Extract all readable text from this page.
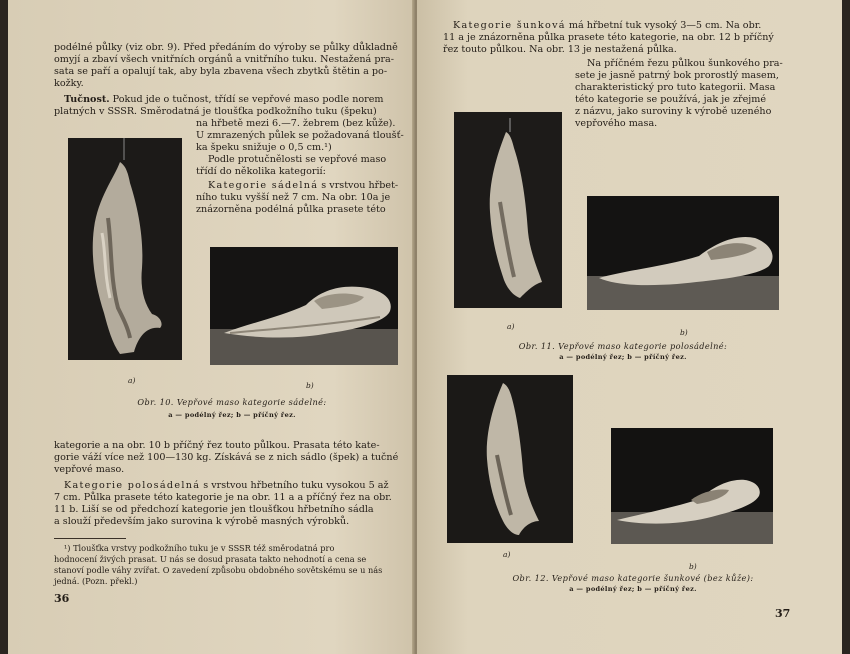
podélné půlky (viz obr. 9). Před předáním do výroby se půlky důkladně

omyjí a zbaví všech vnitřních orgánů a vnitřního tuku. Nestažená pra-

sata se paří a opalují tak, aby byla zbavena všech zbytků štětin a po-

kožky.

Tučnost. Pokud jde o tučnost, třídí se vepřové maso podle norem

platných v SSSR. Směrodatná je tloušťka podkožního tuku (špeku)

na hřbetě mezi 6.—7. žebrem (bez kůže).

U zmrazených půlek se požadovaná tloušť-

ka špeku snižuje o 0,5 cm.¹)

Podle protučnělosti se vepřové maso

třídí do několika kategorií:

Kategorie sádelná s vrstvou hřbet-

ního tuku vyšší než 7 cm. Na obr. 10a je

znázorněna podélná půlka prasete této

a)
b)
Obr. 10. Vepřové maso kategorie sádelné:
a — podélný řez; b — příčný řez.

kategorie a na obr. 10 b příčný řez touto půlkou. Prasata této kate-

gorie váží více než 100—130 kg. Získává se z nich sádlo (špek) a tučné

vepřové maso.

Kategorie polosádelná s vrstvou hřbetního tuku vysokou 5 až

7 cm. Půlka prasete této kategorie je na obr. 11 a a příčný řez na obr.

11 b. Liší se od předchozí kategorie jen tloušťkou hřbetního sádla

a slouží především jako surovina k výrobě masných výrobků.

¹) Tloušťka vrstvy podkožního tuku je v SSSR též směrodatná pro

hodnocení živých prasat. U nás se dosud prasata takto nehodnotí a cena se

stanoví podle váhy zvířat. O zavedení způsobu obdobného sovětskému se u nás

jedná. (Pozn. překl.)

36

Kategorie šunková má hřbetní tuk vysoký 3—5 cm. Na obr.

11 a je znázorněna půlka prasete této kategorie, na obr. 12 b příčný

řez touto půlkou. Na obr. 13 je nestažená půlka.

Na příčném řezu půlkou šunkového pra-

sete je jasně patrný bok prorostlý masem,

charakteristický pro tuto kategorii. Masa

této kategorie se používá, jak je zřejmé

z názvu, jako suroviny k výrobě uzeného

vepřového masa.

a)
b)
Obr. 11. Vepřové maso kategorie polosádelné:
a — podélný řez; b — příčný řez.
a)
b)
Obr. 12. Vepřové maso kategorie šunkové (bez kůže):
a — podélný řez; b — příčný řez.
37
